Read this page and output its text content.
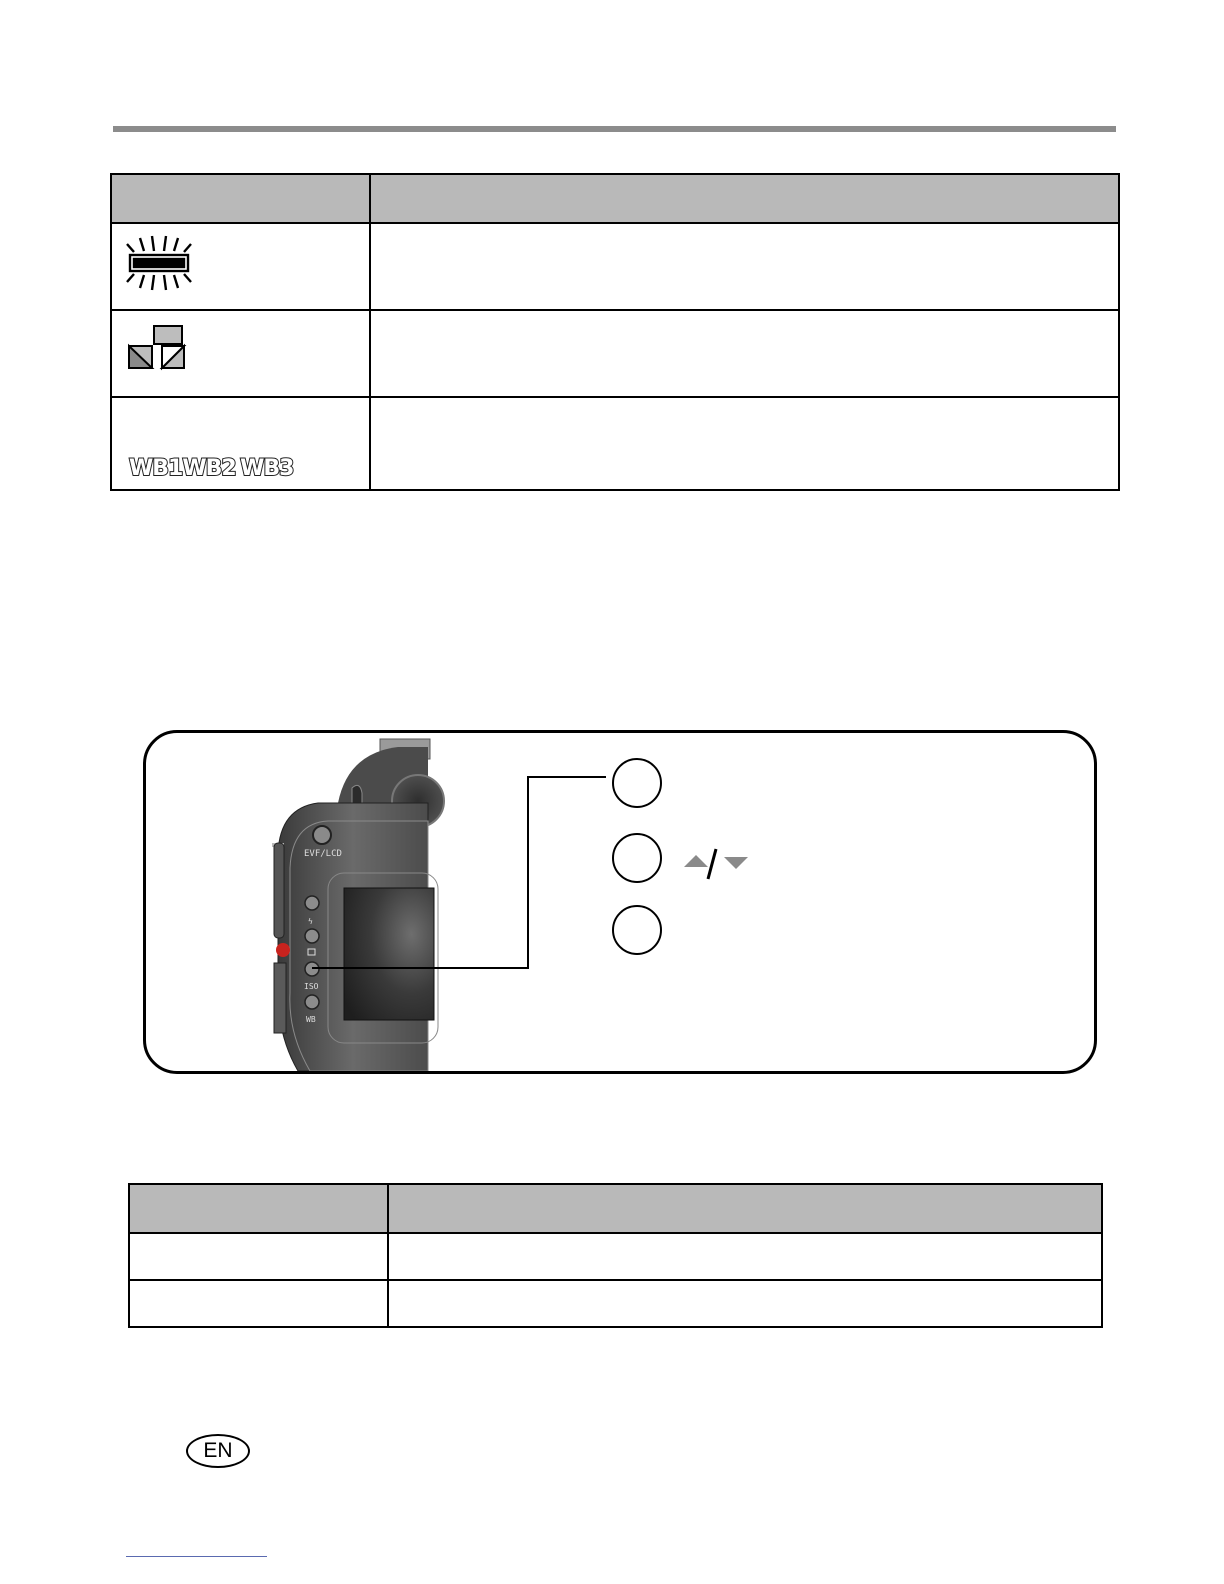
WB1WB2 WB3	

EVF/LCD
ϟ
ISO
WB

EN
